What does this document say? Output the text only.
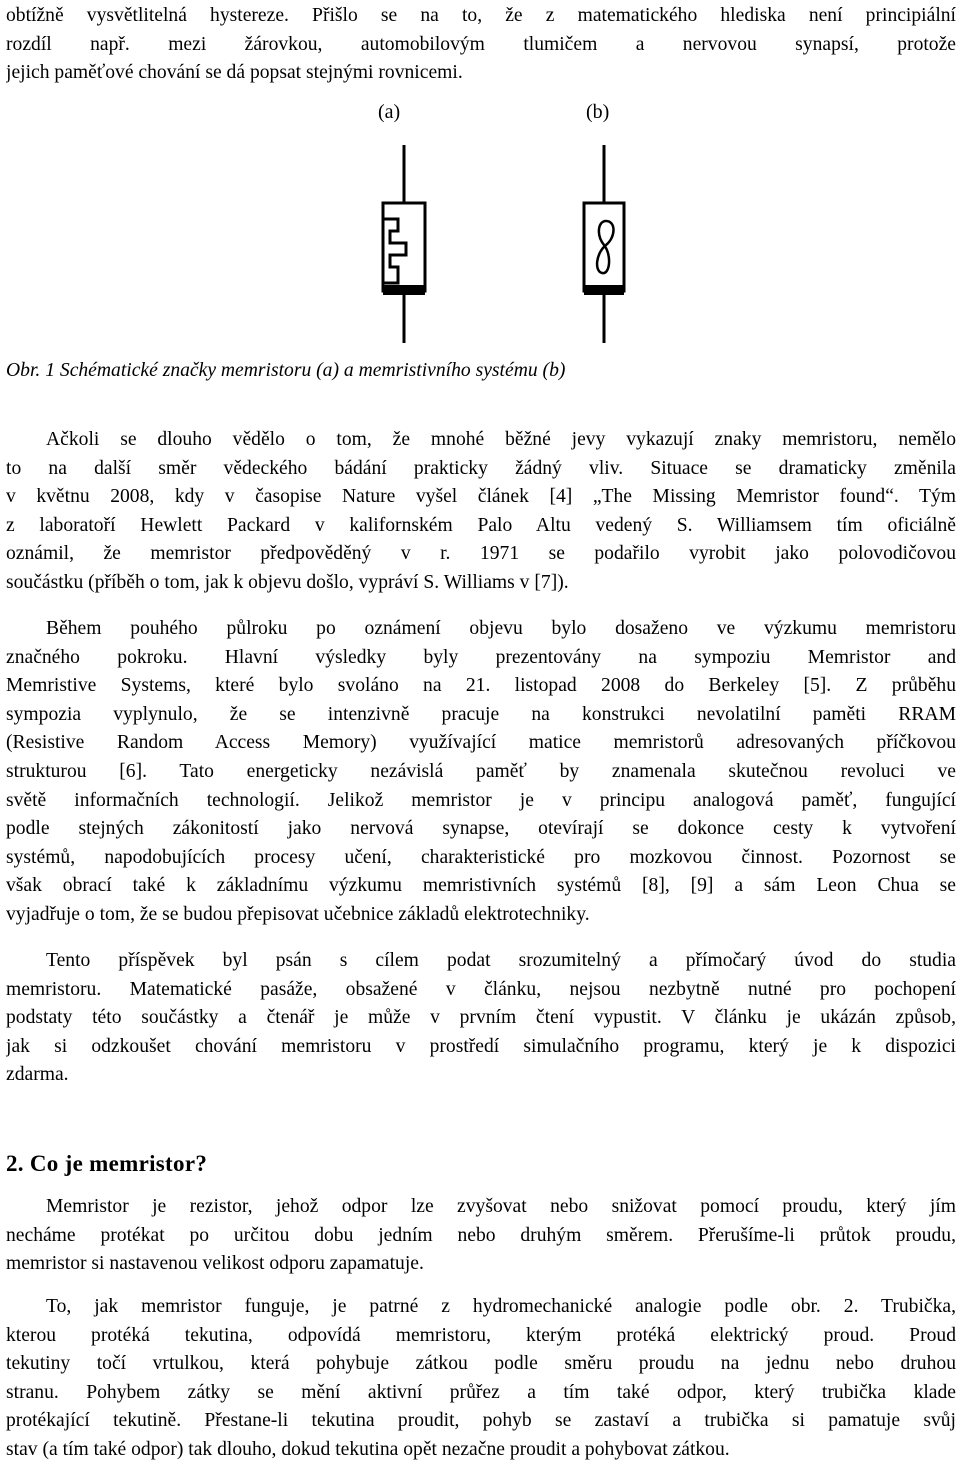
obtížně vysvětlitelná hystereze. Přišlo se na to, že z matematického hlediska není principiální
rozdíl např. mezi žárovkou, automobilovým tlumičem a nervovou synapsí, protože
jejich paměťové chování se dá popsat stejnými rovnicemi.
(a)	(b)
Obr. 1 Schématické značky memristoru (a) a memristivního systému (b)
Ačkoli se dlouho vědělo o tom, že mnohé běžné jevy vykazují znaky memristoru, nemělo
to na další směr vědeckého bádání prakticky žádný vliv. Situace se dramaticky změnila
v květnu 2008, kdy v časopise Nature vyšel článek [4] „The Missing Memristor found“. Tým
z laboratoří Hewlett Packard v kalifornském Palo Altu vedený S. Williamsem tím oficiálně
oznámil, že memristor předpověděný v r. 1971 se podařilo vyrobit jako polovodičovou
součástku (příběh o tom, jak k objevu došlo, vypráví S. Williams v [7]).
Během pouhého půlroku po oznámení objevu bylo dosaženo ve výzkumu memristoru
značného pokroku. Hlavní výsledky byly prezentovány na sympoziu Memristor and
Memristive Systems, které bylo svoláno na 21. listopad 2008 do Berkeley [5]. Z průběhu
sympozia vyplynulo, že se intenzivně pracuje na konstrukci nevolatilní paměti RRAM
(Resistive Random Access Memory) využívající matice memristorů adresovaných příčkovou
strukturou [6]. Tato energeticky nezávislá paměť by znamenala skutečnou revoluci ve
světě informačních technologií. Jelikož memristor je v principu analogová paměť, fungující
podle stejných zákonitostí jako nervová synapse, otevírají se dokonce cesty k vytvoření
systémů, napodobujících procesy učení, charakteristické pro mozkovou činnost. Pozornost se
však obrací také k základnímu výzkumu memristivních systémů [8], [9] a sám Leon Chua se
vyjadřuje o tom, že se budou přepisovat učebnice základů elektrotechniky.
Tento příspěvek byl psán s cílem podat srozumitelný a přímočarý úvod do studia
memristoru. Matematické pasáže, obsažené v článku, nejsou nezbytně nutné pro pochopení
podstaty této součástky a čtenář je může v prvním čtení vypustit. V článku je ukázán způsob,
jak si odzkoušet chování memristoru v prostředí simulačního programu, který je k dispozici
zdarma.
2. Co je memristor?
Memristor je rezistor, jehož odpor lze zvyšovat nebo snižovat pomocí proudu, který jím
necháme protékat po určitou dobu jedním nebo druhým směrem. Přerušíme-li průtok proudu,
memristor si nastavenou velikost odporu zapamatuje.
To, jak memristor funguje, je patrné z hydromechanické analogie podle obr. 2. Trubička,
kterou protéká tekutina, odpovídá memristoru, kterým protéká elektrický proud. Proud
tekutiny točí vrtulkou, která pohybuje zátkou podle směru proudu na jednu nebo druhou
stranu. Pohybem zátky se mění aktivní průřez a tím také odpor, který trubička klade
protékající tekutině. Přestane-li tekutina proudit, pohyb se zastaví a trubička si pamatuje svůj
stav (a tím také odpor) tak dlouho, dokud tekutina opět nezačne proudit a pohybovat zátkou.
